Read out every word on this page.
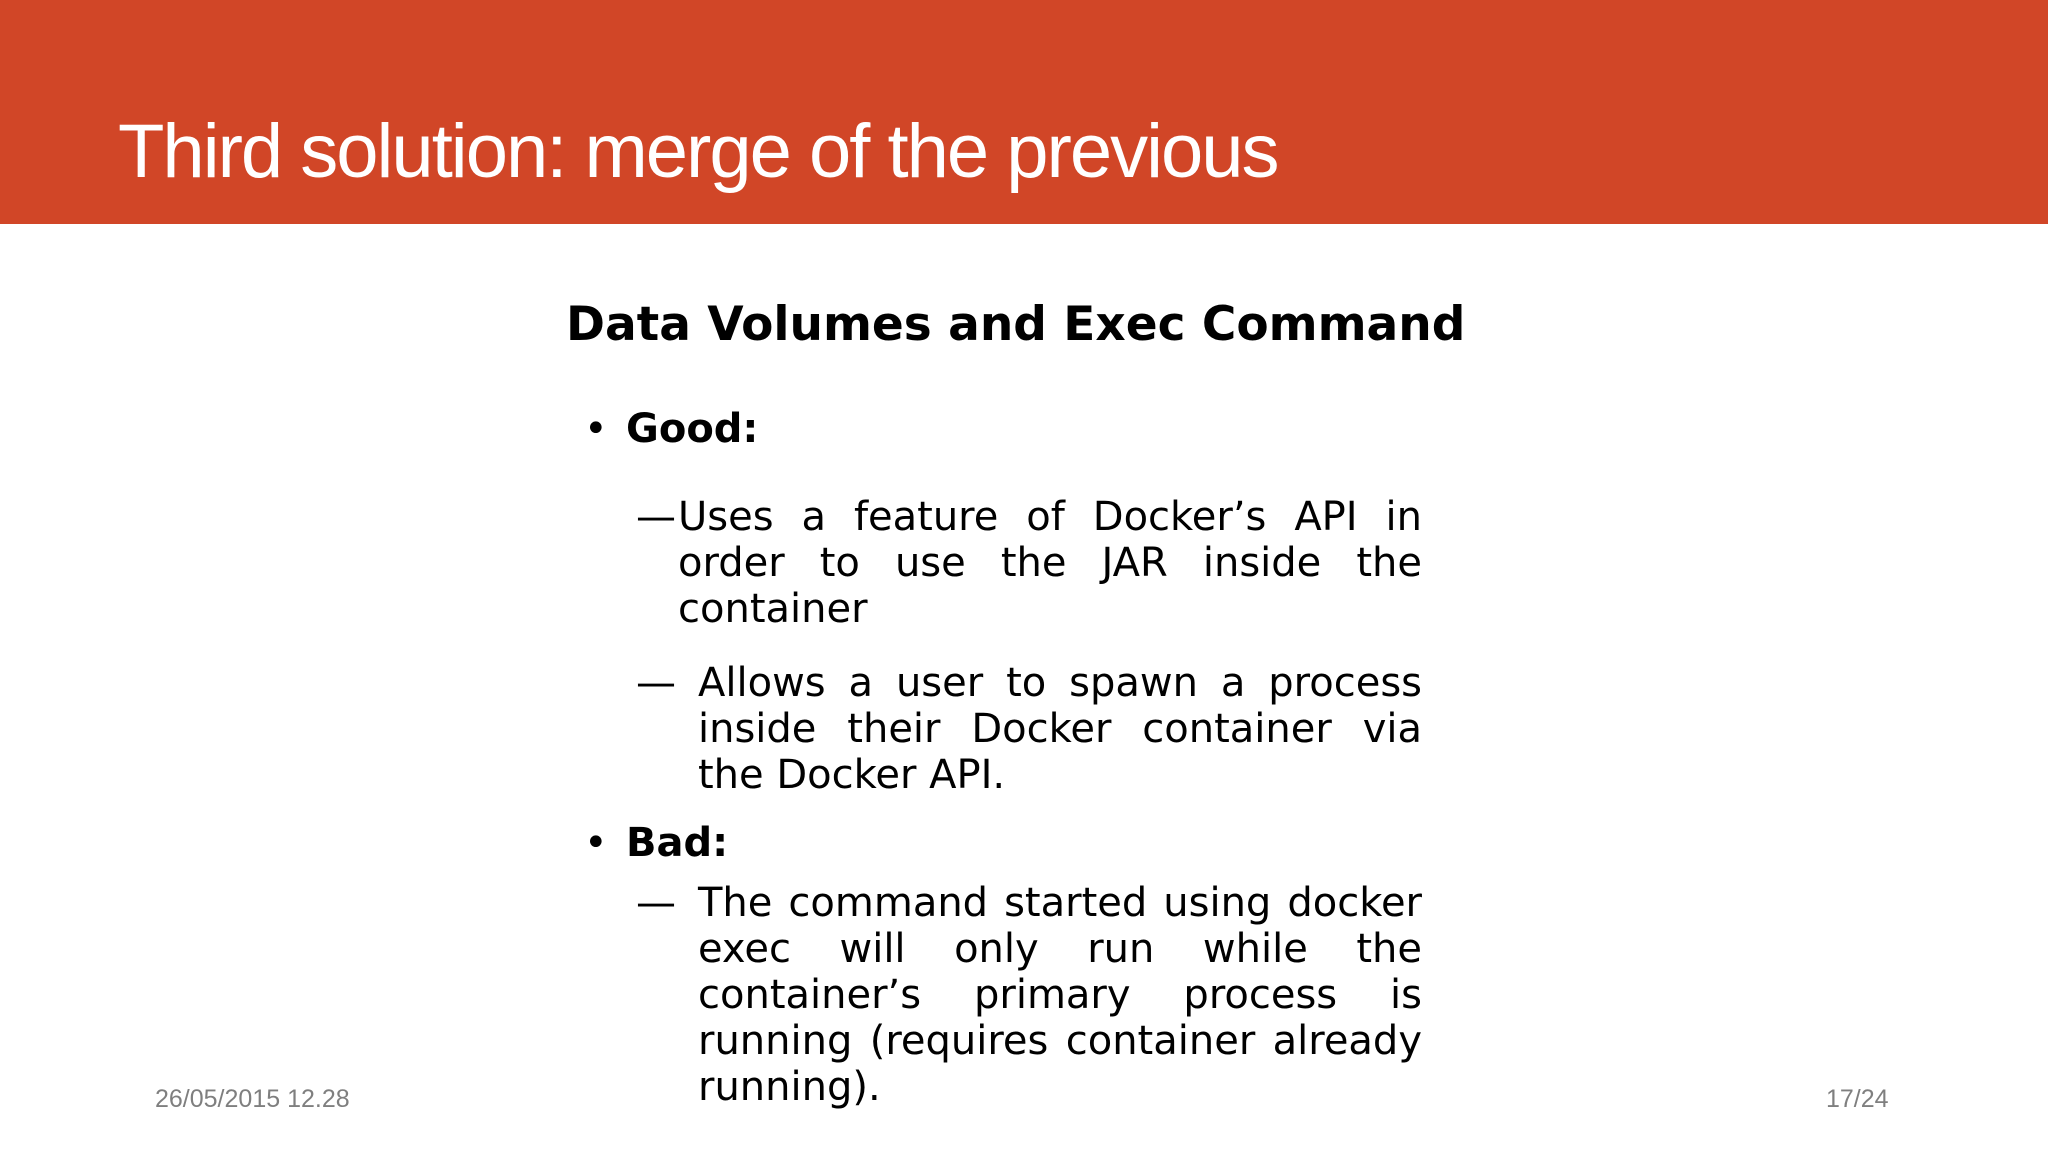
Third solution: merge of the previous
Data Volumes and Exec Command
• Good:
— Uses a feature of Docker’s API in order to use the JAR inside the container
— Allows a user to spawn a process inside their Docker container via the Docker API.
• Bad:
— The command started using docker exec will only run while the container’s primary process is running (requires container already running).
26/05/2015 12.28	17/24
